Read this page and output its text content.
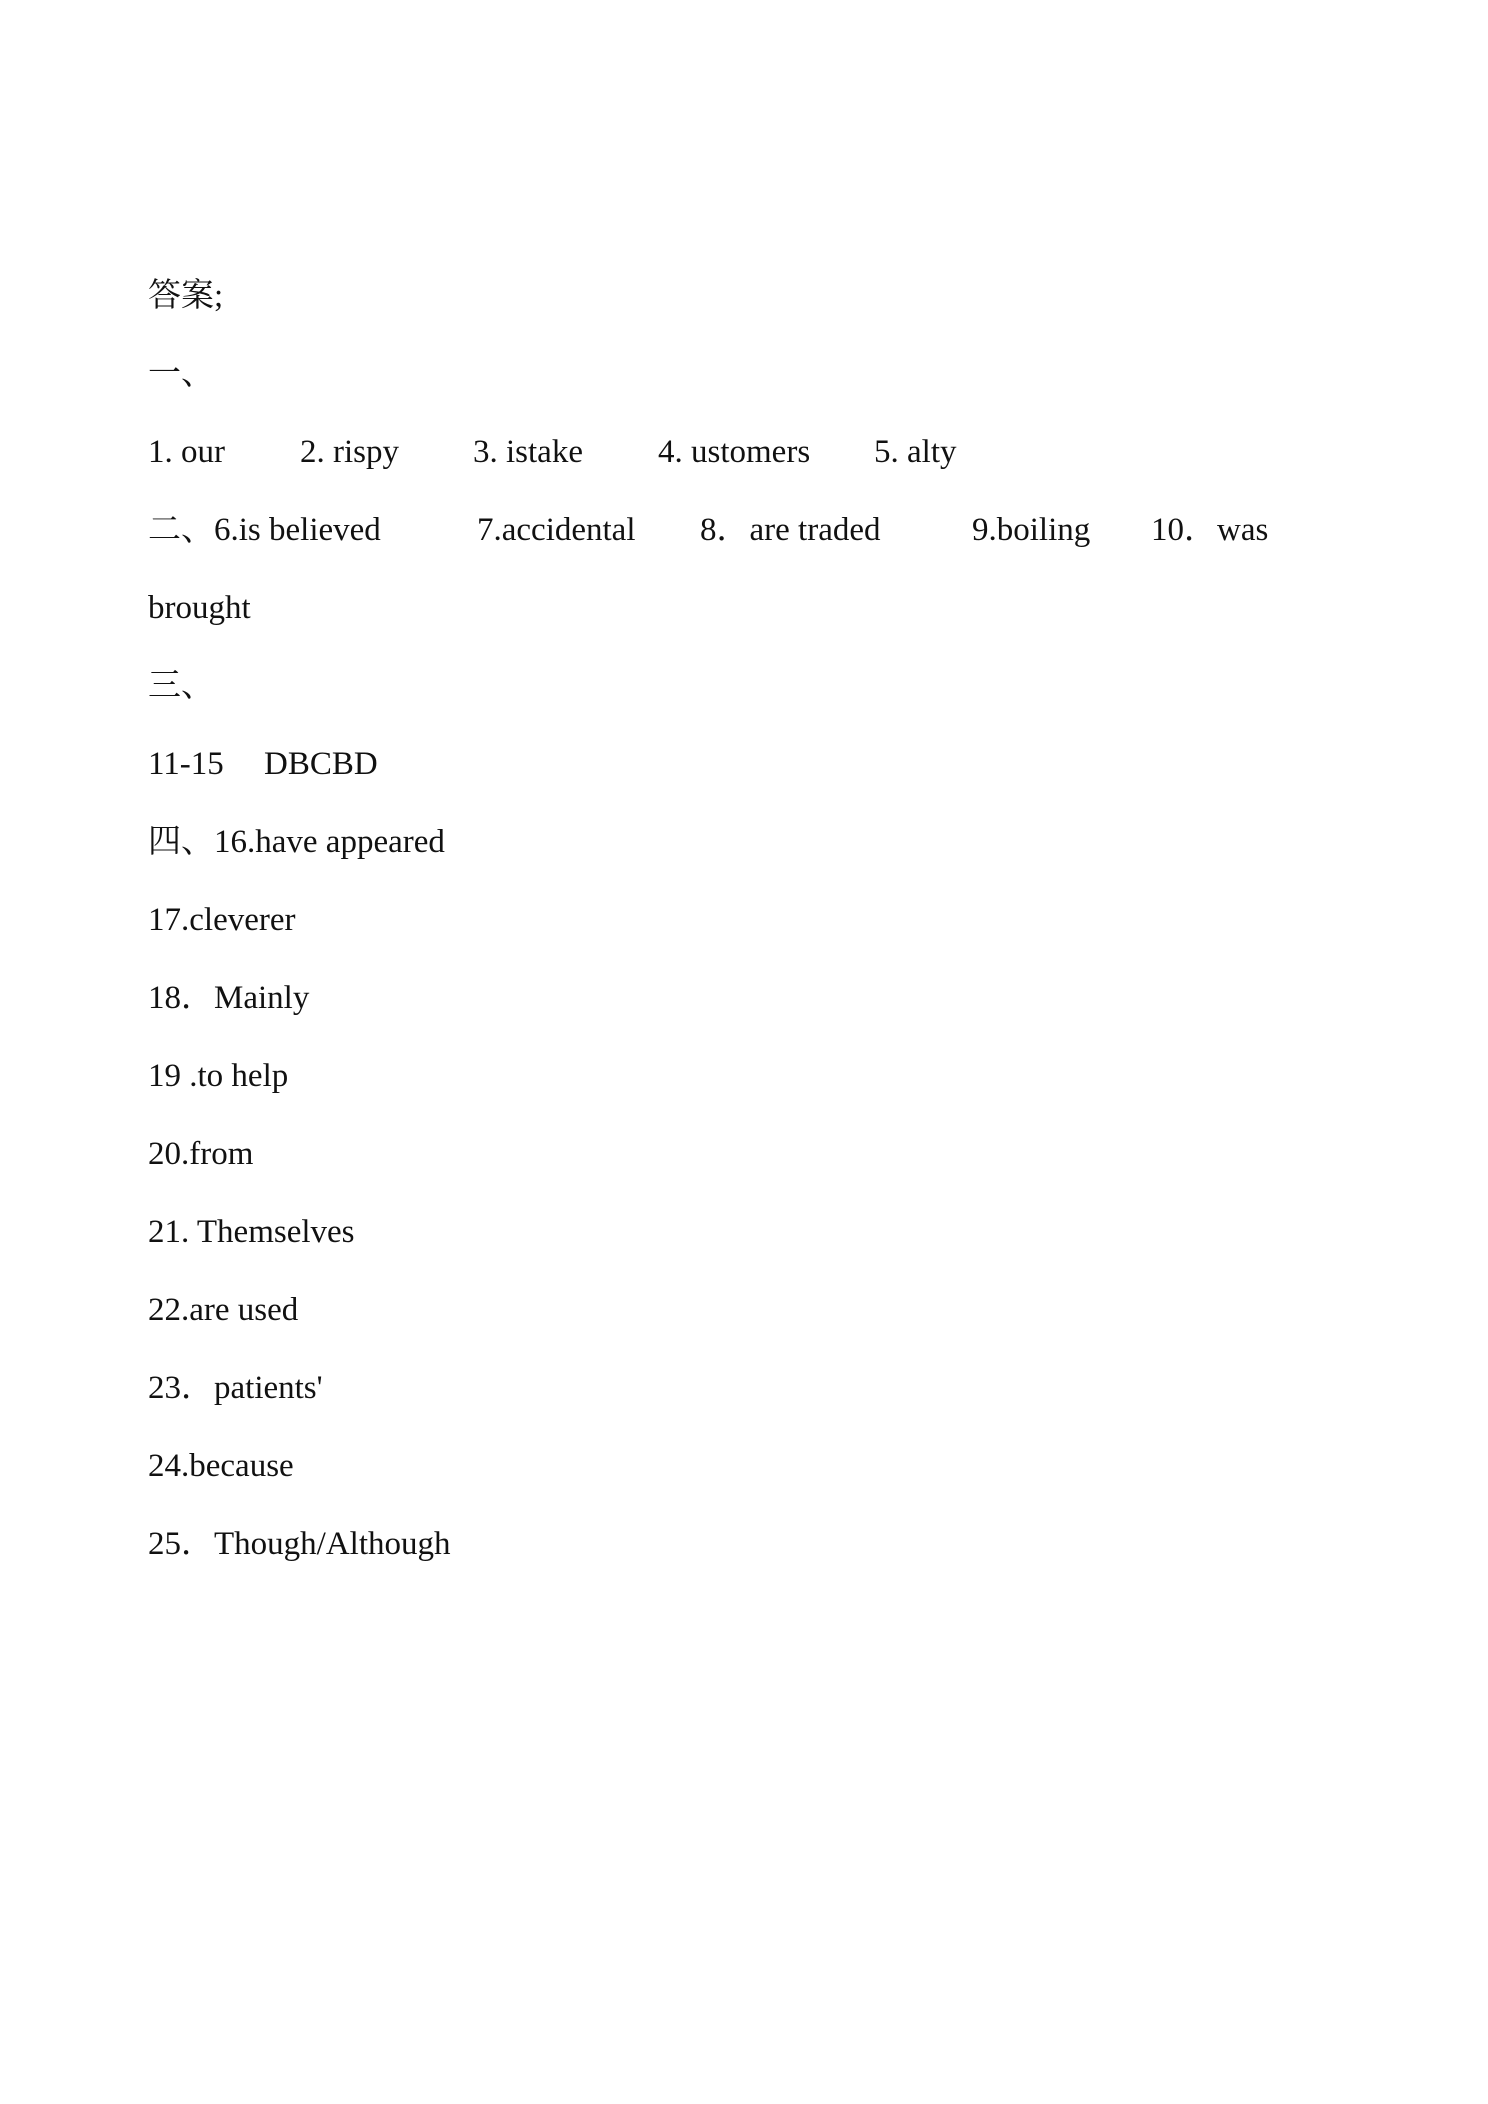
答案;
一、
1. our 2. rispy 3. istake 4. ustomers 5. alty
二、6.is believed	7.accidental 8．are traded	9.boiling 10．was
brought
三、
11-15 DBCBD
四、16.have appeared
17.cleverer
18．Mainly
19 .to help
20.from
21. Themselves
22.are used
23．patients'
24.because
25．Though/Although
